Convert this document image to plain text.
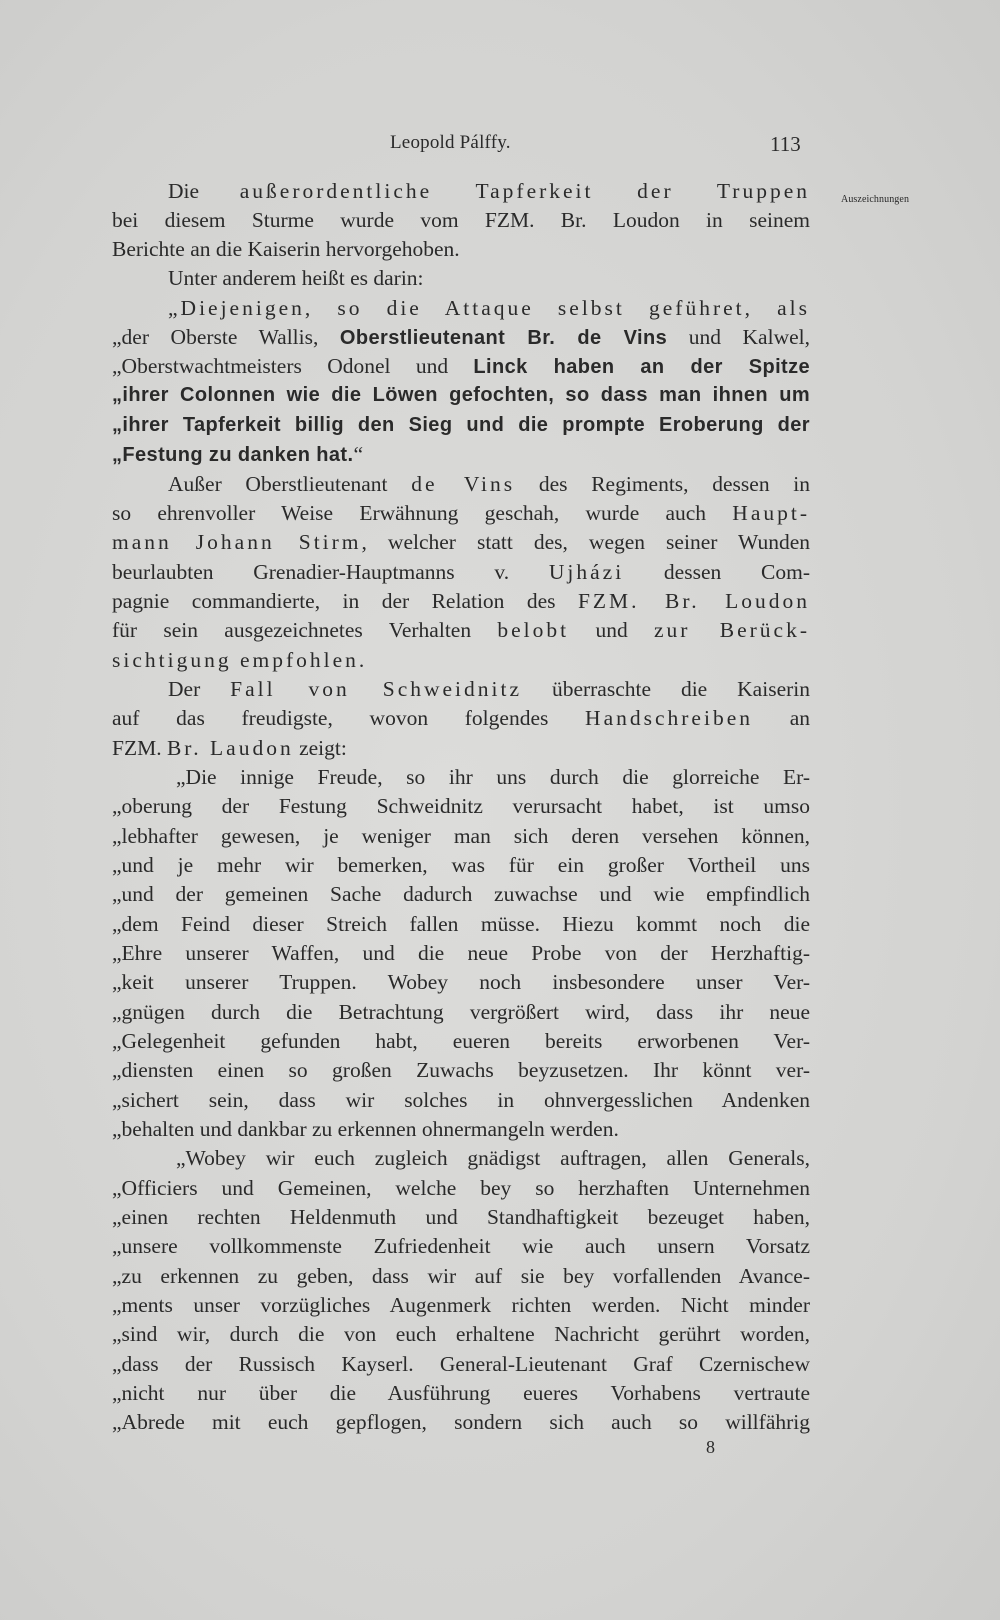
Leopold Pálffy.	113
Auszeichnungen
Die außerordentliche Tapferkeit der Truppen
bei diesem Sturme wurde vom FZM. Br. Loudon in seinem
Berichte an die Kaiserin hervorgehoben.
Unter anderem heißt es darin:
„Diejenigen, so die Attaque selbst geführet, als
„der Oberste Wallis, Oberstlieutenant Br. de Vins und Kalwel,
„Oberstwachtmeisters Odonel und Linck haben an der Spitze
„ihrer Colonnen wie die Löwen gefochten, so dass man ihnen um
„ihrer Tapferkeit billig den Sieg und die prompte Eroberung der
„Festung zu danken hat.“
Außer Oberstlieutenant de Vins des Regiments, dessen in
so ehrenvoller Weise Erwähnung geschah, wurde auch Haupt-
mann Johann Stirm, welcher statt des, wegen seiner Wunden
beurlaubten Grenadier-Hauptmanns v. Ujházi dessen Com-
pagnie commandierte, in der Relation des FZM. Br. Loudon
für sein ausgezeichnetes Verhalten belobt und zur Berück-
sichtigung empfohlen.
Der Fall von Schweidnitz überraschte die Kaiserin
auf das freudigste, wovon folgendes Handschreiben an
FZM. Br. Laudon zeigt:
„Die innige Freude, so ihr uns durch die glorreiche Er-
„oberung der Festung Schweidnitz verursacht habet, ist umso
„lebhafter gewesen, je weniger man sich deren versehen können,
„und je mehr wir bemerken, was für ein großer Vortheil uns
„und der gemeinen Sache dadurch zuwachse und wie empfindlich
„dem Feind dieser Streich fallen müsse. Hiezu kommt noch die
„Ehre unserer Waffen, und die neue Probe von der Herzhaftig-
„keit unserer Truppen. Wobey noch insbesondere unser Ver-
„gnügen durch die Betrachtung vergrößert wird, dass ihr neue
„Gelegenheit gefunden habt, eueren bereits erworbenen Ver-
„diensten einen so großen Zuwachs beyzusetzen. Ihr könnt ver-
„sichert sein, dass wir solches in ohnvergesslichen Andenken
„behalten und dankbar zu erkennen ohnermangeln werden.
„Wobey wir euch zugleich gnädigst auftragen, allen Generals,
„Officiers und Gemeinen, welche bey so herzhaften Unternehmen
„einen rechten Heldenmuth und Standhaftigkeit bezeuget haben,
„unsere vollkommenste Zufriedenheit wie auch unsern Vorsatz
„zu erkennen zu geben, dass wir auf sie bey vorfallenden Avance-
„ments unser vorzügliches Augenmerk richten werden. Nicht minder
„sind wir, durch die von euch erhaltene Nachricht gerührt worden,
„dass der Russisch Kayserl. General-Lieutenant Graf Czernischew
„nicht nur über die Ausführung eueres Vorhabens vertraute
„Abrede mit euch gepflogen, sondern sich auch so willfährig
8
